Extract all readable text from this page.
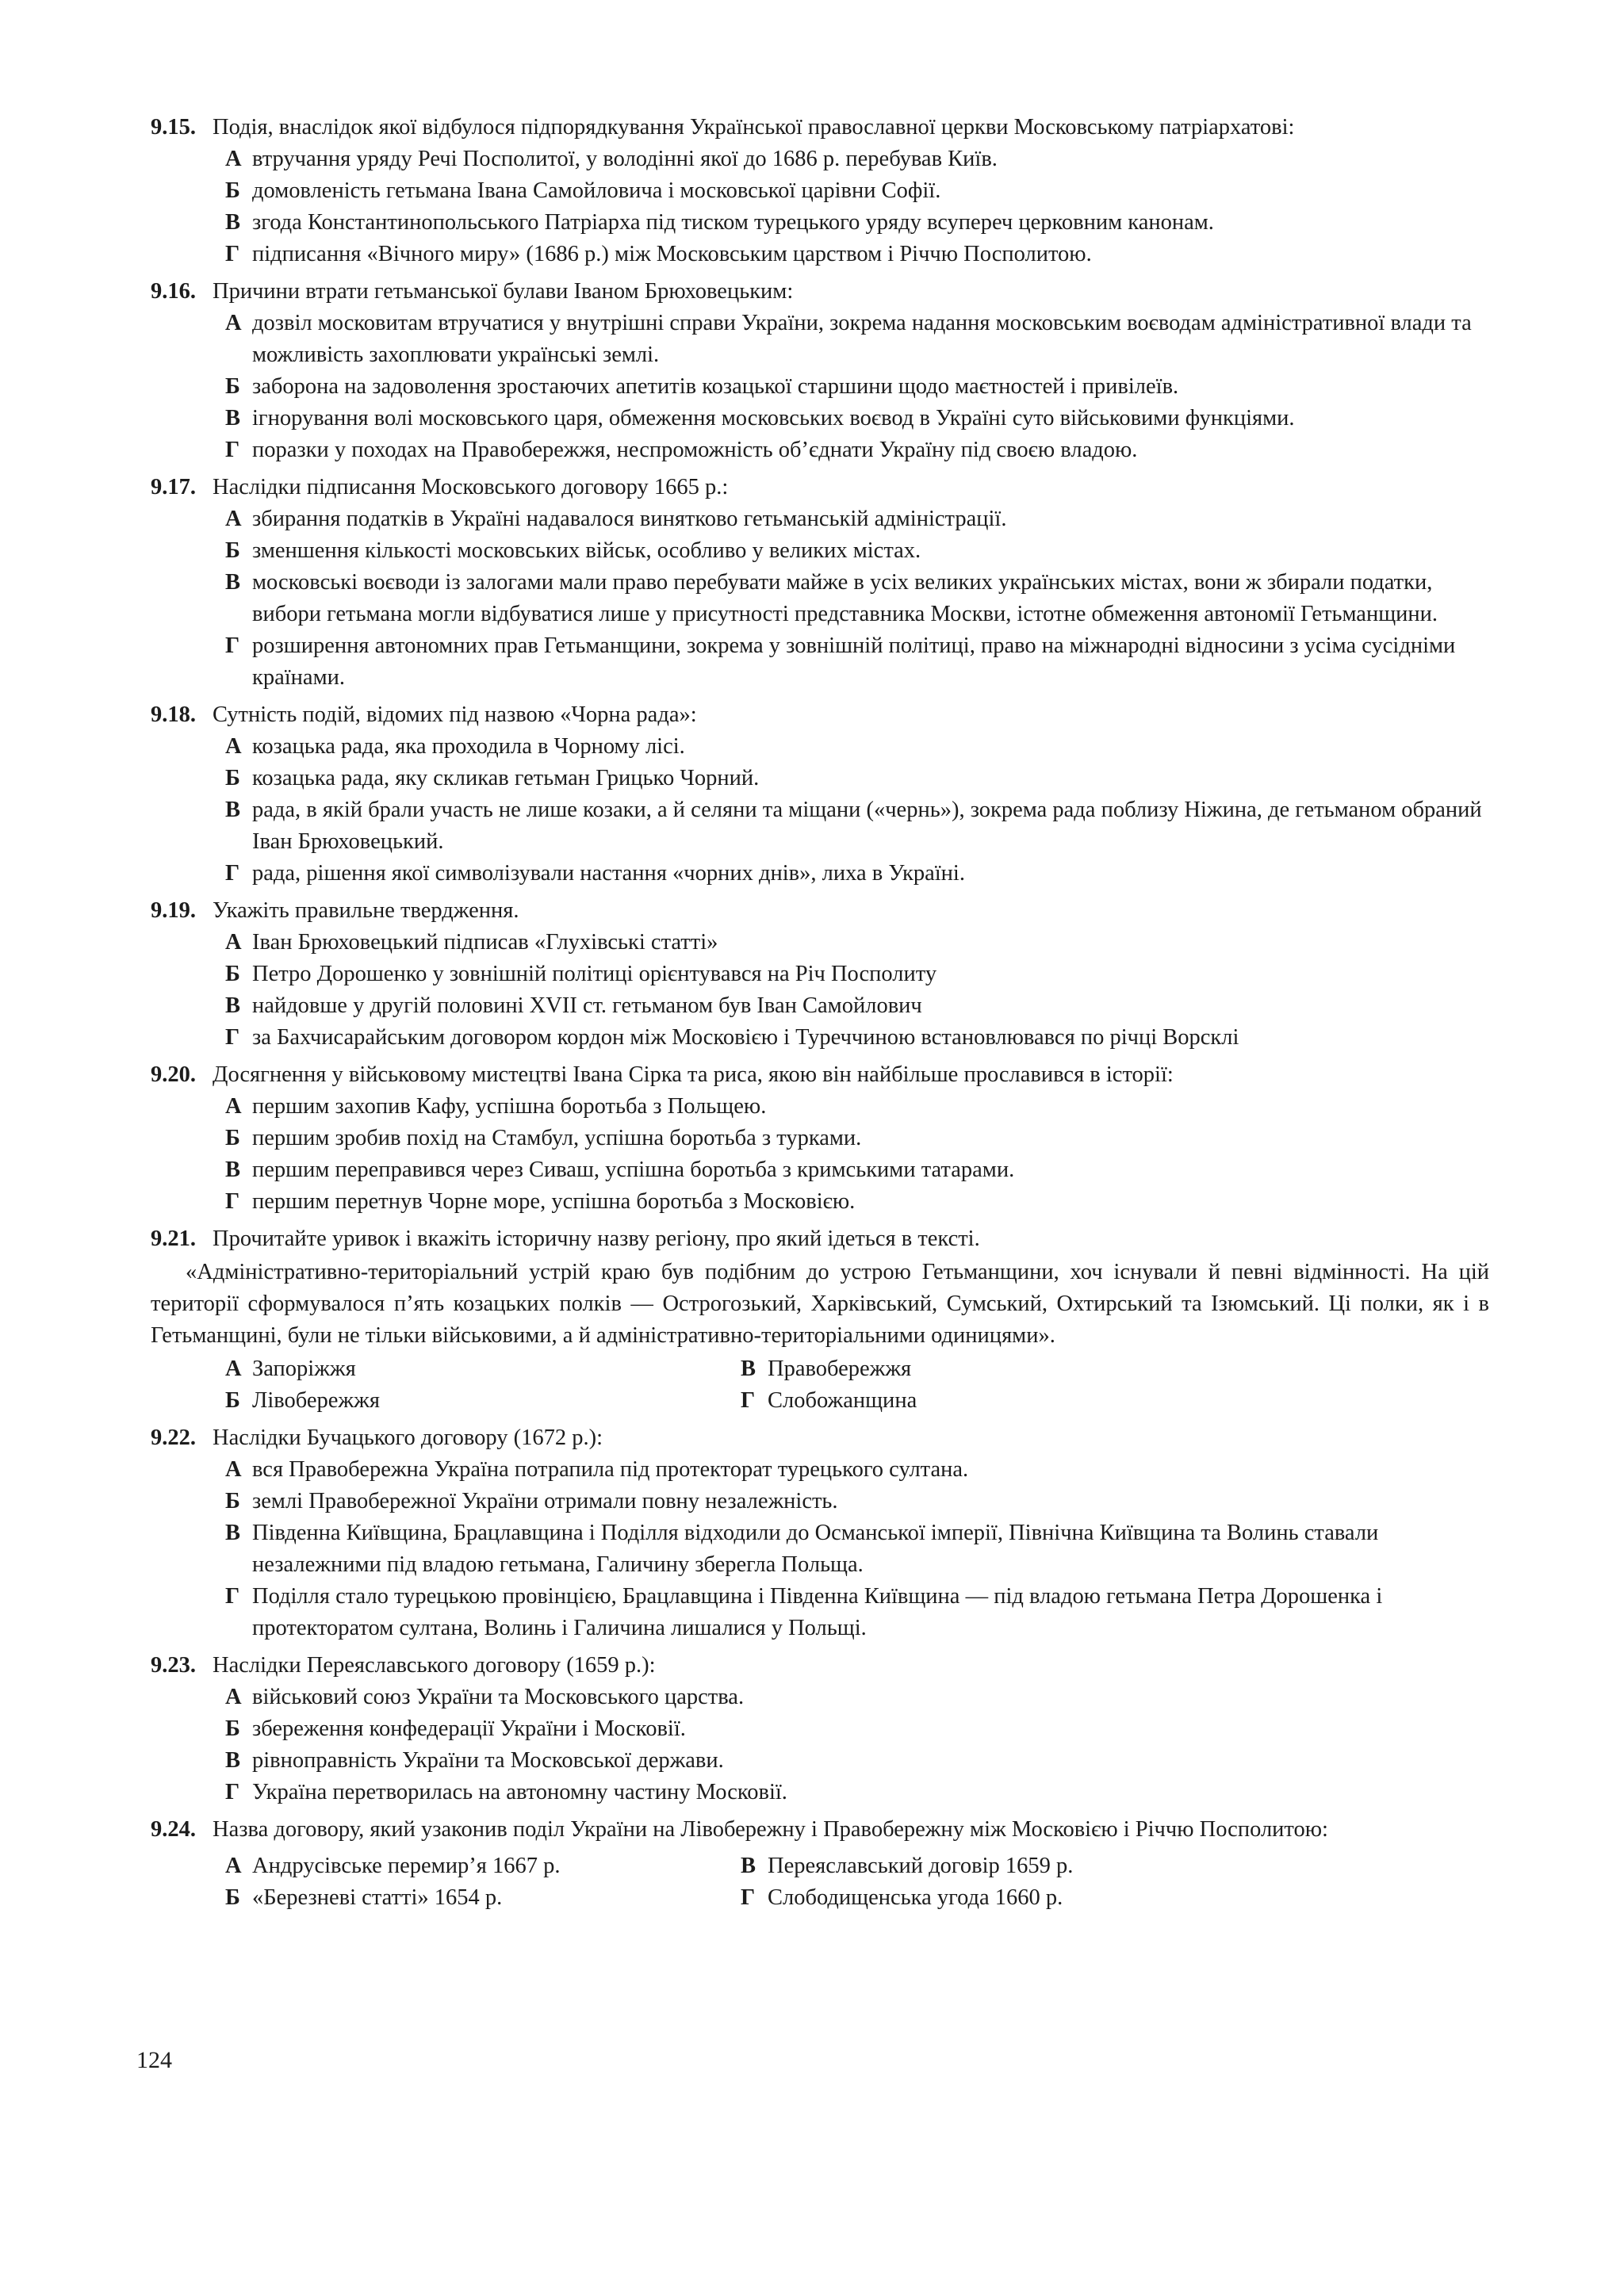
9.15. Подія, внаслідок якої відбулося підпорядкування Української православної церкви Московському патріархатові:
А втручання уряду Речі Посполитої, у володінні якої до 1686 р. перебував Київ.
Б домовленість гетьмана Івана Самойловича і московської царівни Софії.
В згода Константинопольського Патріарха під тиском турецького уряду всупереч церковним канонам.
Г підписання «Вічного миру» (1686 р.) між Московським царством і Річчю Посполитою.
9.16. Причини втрати гетьманської булави Іваном Брюховецьким:
А дозвіл московитам втручатися у внутрішні справи України, зокрема надання московським воєводам адміністративної влади та можливість захоплювати українські землі.
Б заборона на задоволення зростаючих апетитів козацької старшини щодо маєтностей і привілеїв.
В ігнорування волі московського царя, обмеження московських воєвод в Україні суто військовими функціями.
Г поразки у походах на Правобережжя, неспроможність об’єднати Україну під своєю владою.
9.17. Наслідки підписання Московського договору 1665 р.:
А збирання податків в Україні надавалося винятково гетьманській адміністрації.
Б зменшення кількості московських військ, особливо у великих містах.
В московські воєводи із залогами мали право перебувати майже в усіх великих українських містах, вони ж збирали податки, вибори гетьмана могли відбуватися лише у присутності представника Москви, істотне обмеження автономії Гетьманщини.
Г розширення автономних прав Гетьманщини, зокрема у зовнішній політиці, право на міжнародні відносини з усіма сусідніми країнами.
9.18. Сутність подій, відомих під назвою «Чорна рада»:
А козацька рада, яка проходила в Чорному лісі.
Б козацька рада, яку скликав гетьман Грицько Чорний.
В рада, в якій брали участь не лише козаки, а й селяни та міщани («чернь»), зокрема рада поблизу Ніжина, де гетьманом обраний Іван Брюховецький.
Г рада, рішення якої символізували настання «чорних днів», лиха в Україні.
9.19. Укажіть правильне твердження.
А Іван Брюховецький підписав «Глухівські статті»
Б Петро Дорошенко у зовнішній політиці орієнтувався на Річ Посполиту
В найдовше у другій половині XVII ст. гетьманом був Іван Самойлович
Г за Бахчисарайським договором кордон між Московією і Туреччиною встановлювався по річці Ворсклі
9.20. Досягнення у військовому мистецтві Івана Сірка та риса, якою він найбільше прославився в історії:
А першим захопив Кафу, успішна боротьба з Польщею.
Б першим зробив похід на Стамбул, успішна боротьба з турками.
В першим переправився через Сиваш, успішна боротьба з кримськими татарами.
Г першим перетнув Чорне море, успішна боротьба з Московією.
9.21. Прочитайте уривок і вкажіть історичну назву регіону, про який ідеться в тексті.
«Адміністративно-територіальний устрій краю був подібним до устрою Гетьманщини, хоч існували й певні відмінності. На цій території сформувалося п’ять козацьких полків — Острогозький, Харківський, Сумський, Охтирський та Ізюмський. Ці полки, як і в Гетьманщині, були не тільки військовими, а й адміністративно-територіальними одиницями».
А Запоріжжя	В Правобережжя
Б Лівобережжя	Г Слобожанщина
9.22. Наслідки Бучацького договору (1672 р.):
А вся Правобережна Україна потрапила під протекторат турецького султана.
Б землі Правобережної України отримали повну незалежність.
В Південна Київщина, Брацлавщина і Поділля відходили до Османської імперії, Північна Київщина та Волинь ставали незалежними під владою гетьмана, Галичину зберегла Польща.
Г Поділля стало турецькою провінцією, Брацлавщина і Південна Київщина — під владою гетьмана Петра Дорошенка і протекторатом султана, Волинь і Галичина лишалися у Польщі.
9.23. Наслідки Переяславського договору (1659 р.):
А військовий союз України та Московського царства.
Б збереження конфедерації України і Московії.
В рівноправність України та Московської держави.
Г Україна перетворилась на автономну частину Московії.
9.24. Назва договору, який узаконив поділ України на Лівобережну і Правобережну між Московією і Річчю Посполитою:
А Андрусівське перемир’я 1667 р.	В Переяславський договір 1659 р.
Б «Березневі статті» 1654 р.	Г Слободищенська угода 1660 р.
124
